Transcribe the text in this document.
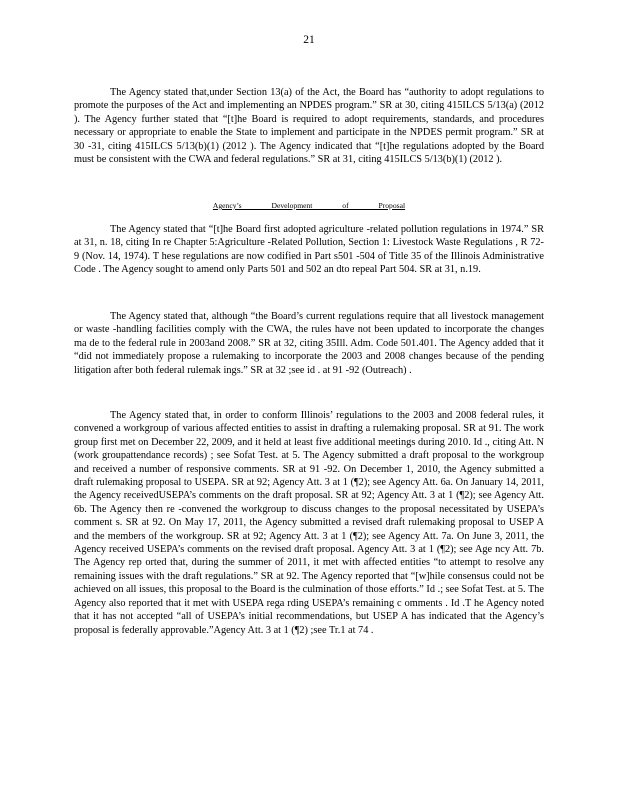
21

The Agency stated that,under Section 13(a) of the Act, the Board has “authority to adopt regulations to promote the purposes of the Act and implementing an NPDES program.” SR at 30, citing 415ILCS 5/13(a) (2012 ). The Agency further stated that “[t]he Board is required to adopt requirements, standards, and procedures necessary or appropriate to enable the State to implement and participate in the NPDES permit program.” SR at 30 -31, citing 415ILCS 5/13(b)(1) (2012 ). The Agency indicated that “[t]he regulations adopted by the Board must be consistent with the CWA and federal regulations.” SR at 31, citing 415ILCS 5/13(b)(1) (2012 ).

Agency’s Development of Proposal

The Agency stated that “[t]he Board first adopted agriculture -related pollution regulations in 1974.” SR at 31, n. 18, citing In re Chapter 5:Agriculture -Related Pollution, Section 1: Livestock Waste Regulations , R 72-9 (Nov. 14, 1974). T hese regulations are now codified in Part s501 -504 of Title 35 of the Illinois Administrative Code . The Agency sought to amend only Parts 501 and 502 an dto repeal Part 504. SR at 31, n.19.

The Agency stated that, although “the Board’s current regulations require that all livestock management or waste -handling facilities comply with the CWA, the rules have not been updated to incorporate the changes ma de to the federal rule in 2003and 2008.” SR at 32, citing 35Ill. Adm. Code 501.401. The Agency added that it “did not immediately propose a rulemaking to incorporate the 2003 and 2008 changes because of the pending litigation after both federal rulemak ings.” SR at 32 ;see id . at 91 -92 (Outreach) .

The Agency stated that, in order to conform Illinois’ regulations to the 2003 and 2008 federal rules, it convened a workgroup of various affected entities to assist in drafting a rulemaking proposal. SR at 91. The work group first met on December 22, 2009, and it held at least five additional meetings during 2010. Id ., citing Att. N (work groupattendance records) ; see Sofat Test. at 5. The Agency submitted a draft proposal to the workgroup and received a number of responsive comments. SR at 91 -92. On December 1, 2010, the Agency submitted a draft rulemaking proposal to USEPA. SR at 92; Agency Att. 3 at 1 (¶2); see Agency Att. 6a. On January 14, 2011, the Agency receivedUSEPA’s comments on the draft proposal. SR at 92; Agency Att. 3 at 1 (¶2); see Agency Att. 6b. The Agency then re -convened the workgroup to discuss changes to the proposal necessitated by USEPA’s comment s. SR at 92. On May 17, 2011, the Agency submitted a revised draft rulemaking proposal to USEP A and the members of the workgroup. SR at 92; Agency Att. 3 at 1 (¶2); see Agency Att. 7a. On June 3, 2011, the Agency received USEPA’s comments on the revised draft proposal. Agency Att. 3 at 1 (¶2); see Age ncy Att. 7b. The Agency rep orted that, during the summer of 2011, it met with affected entities “to attempt to resolve any remaining issues with the draft regulations.” SR at 92. The Agency reported that “[w]hile consensus could not be achieved on all issues, this proposal to the Board is the culmination of those efforts.” Id .; see Sofat Test. at 5. The Agency also reported that it met with USEPA rega rding USEPA’s remaining c omments . Id .T he Agency noted that it has not accepted “all of USEPA’s initial recommendations, but USEP A has indicated that the Agency’s proposal is federally approvable.”Agency Att. 3 at 1 (¶2) ;see Tr.1 at 74 .
